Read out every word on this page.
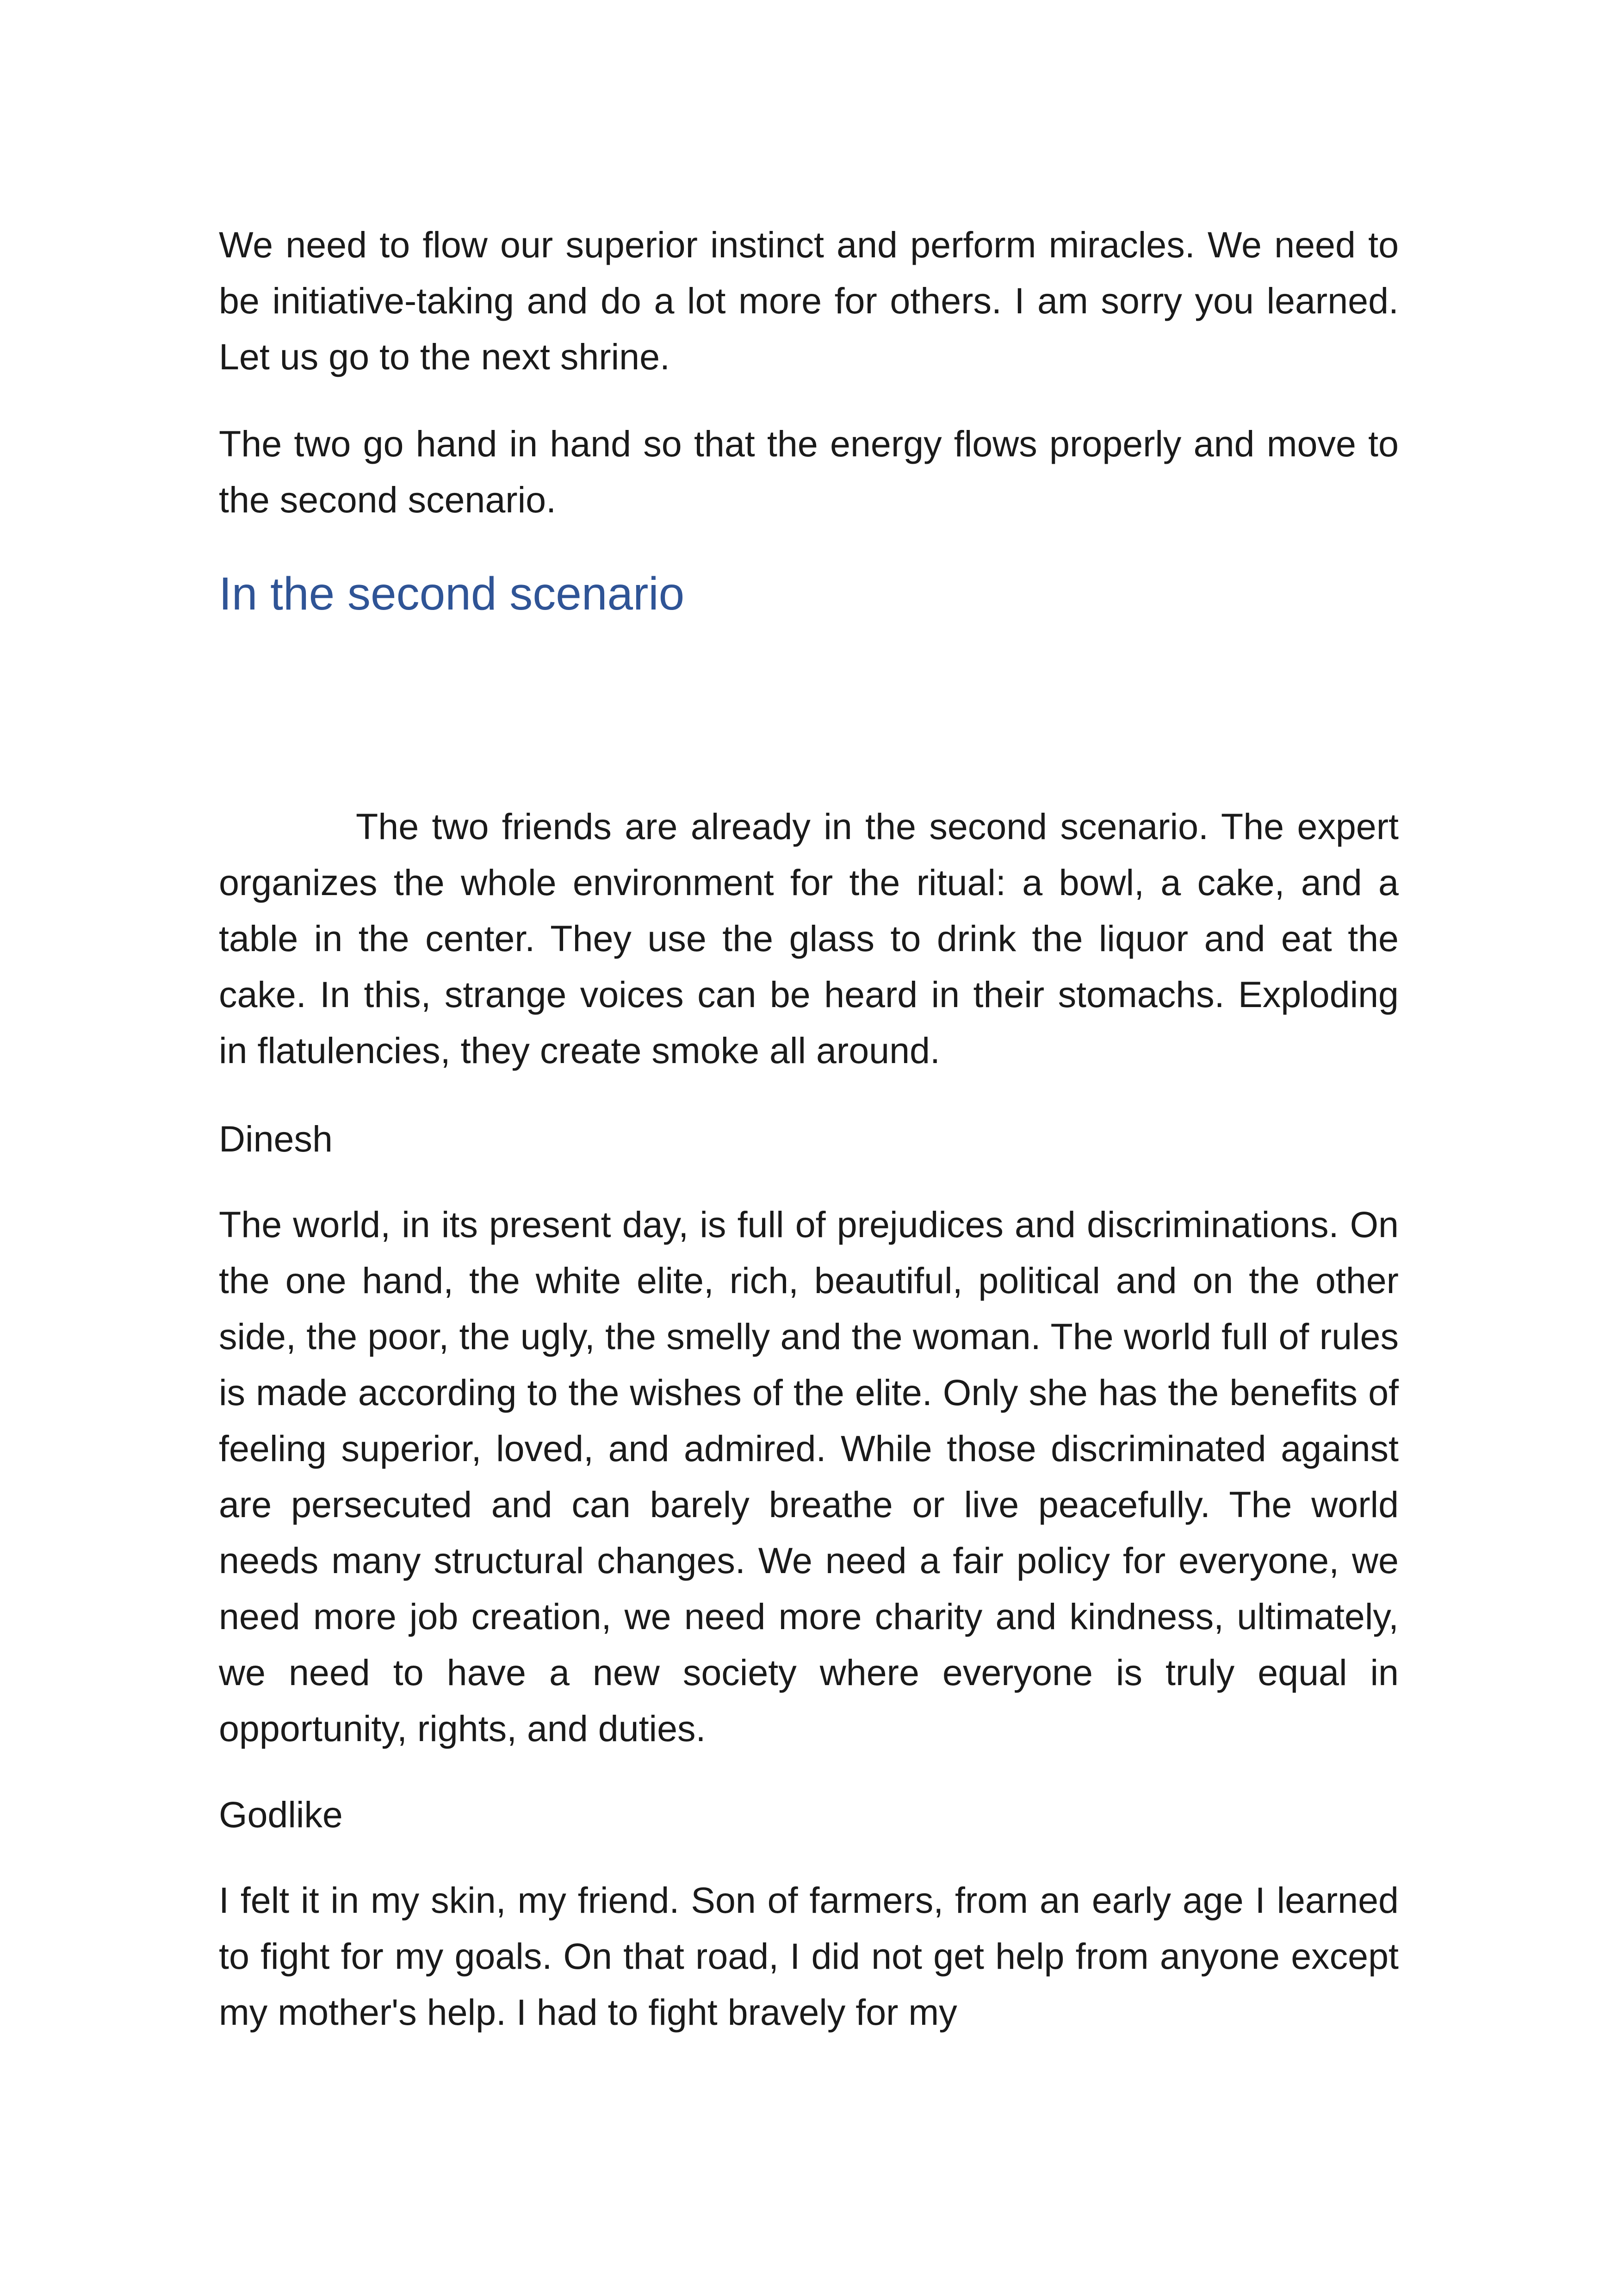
We need to flow our superior instinct and perform miracles. We need to be initiative-taking and do a lot more for others. I am sorry you learned. Let us go to the next shrine.

The two go hand in hand so that the energy flows properly and move to the second scenario.

In the second scenario

The two friends are already in the second scenario. The expert organizes the whole environment for the ritual: a bowl, a cake, and a table in the center. They use the glass to drink the liquor and eat the cake. In this, strange voices can be heard in their stomachs. Exploding in flatulencies, they create smoke all around.

Dinesh

The world, in its present day, is full of prejudices and discriminations. On the one hand, the white elite, rich, beautiful, political and on the other side, the poor, the ugly, the smelly and the woman. The world full of rules is made according to the wishes of the elite. Only she has the benefits of feeling superior, loved, and admired. While those discriminated against are persecuted and can barely breathe or live peacefully. The world needs many structural changes. We need a fair policy for everyone, we need more job creation, we need more charity and kindness, ultimately, we need to have a new society where everyone is truly equal in opportunity, rights, and duties.

Godlike

I felt it in my skin, my friend. Son of farmers, from an early age I learned to fight for my goals. On that road, I did not get help from anyone except my mother's help. I had to fight bravely for my
